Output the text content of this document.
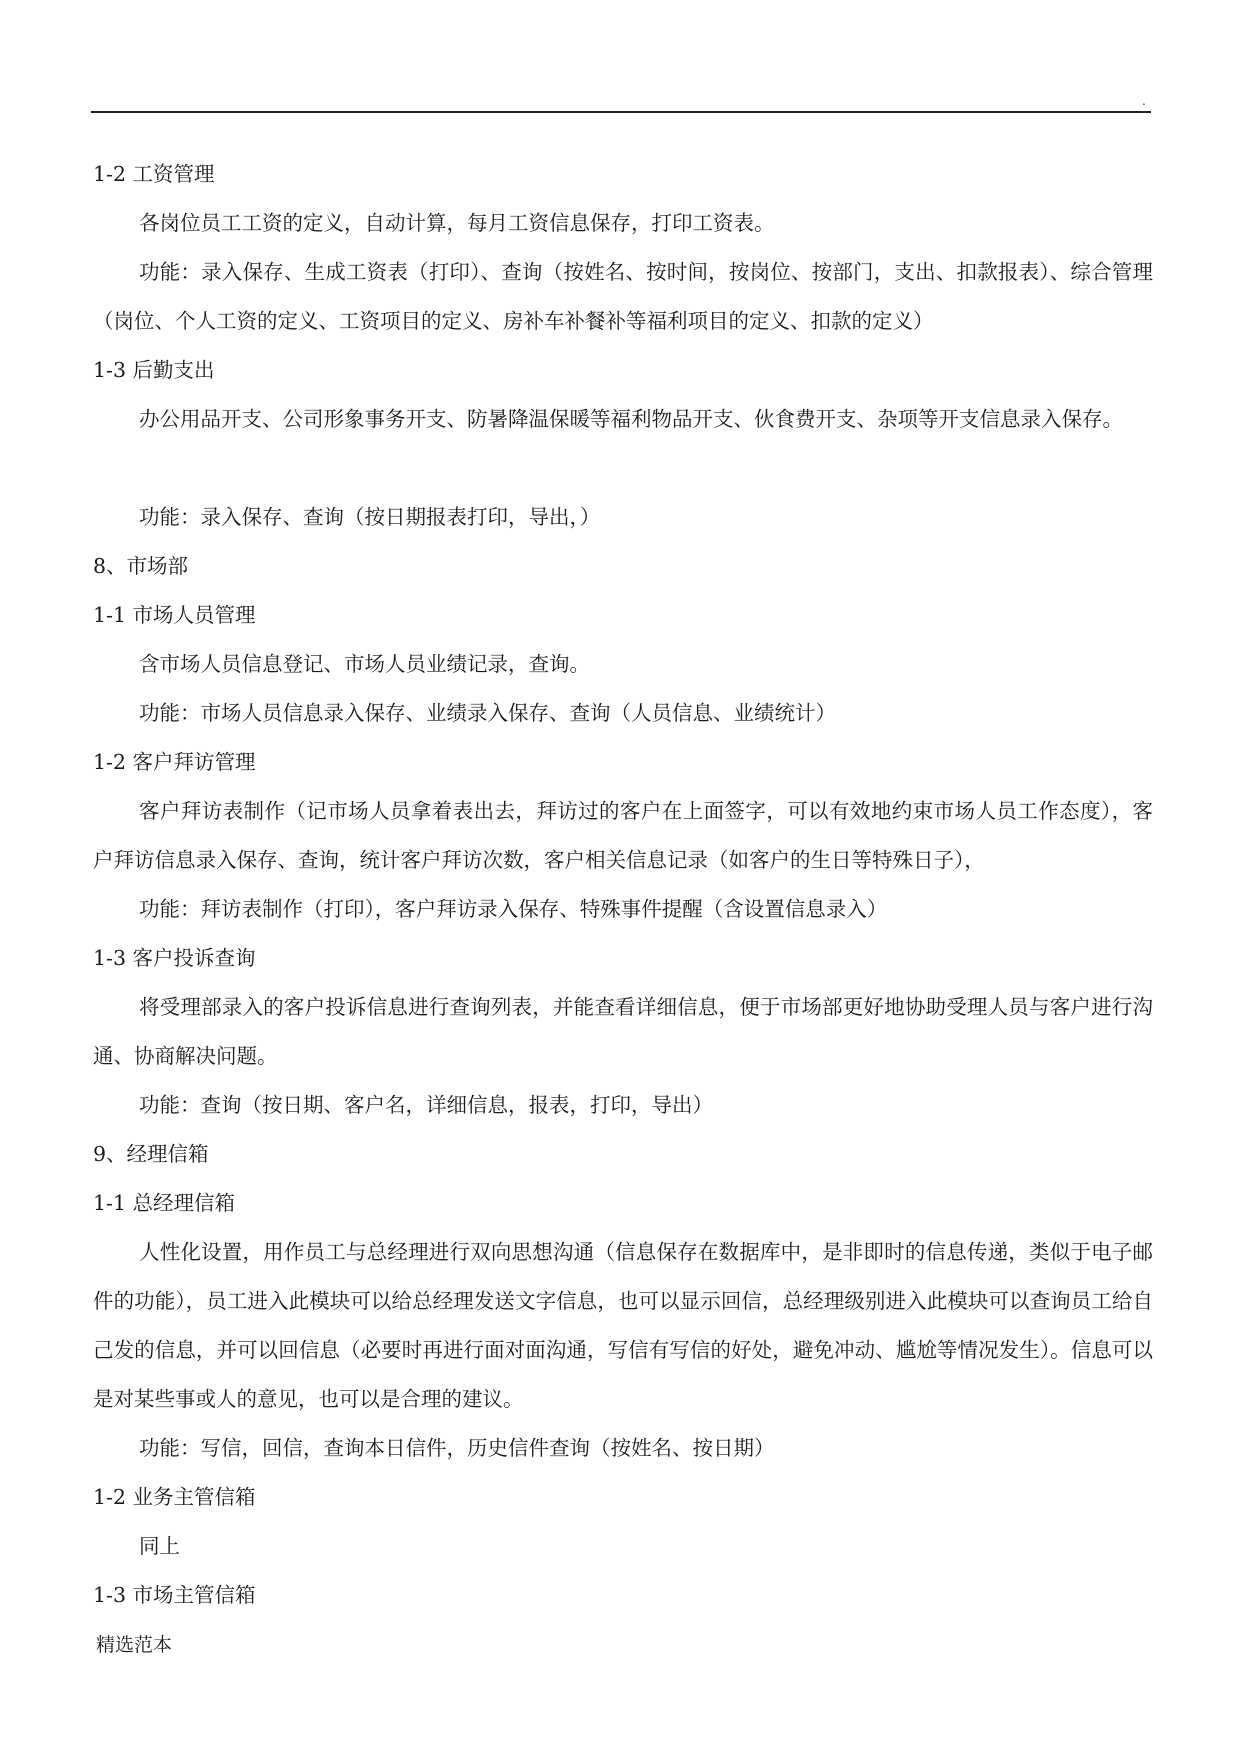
.

1-2 工资管理

各岗位员工工资的定义，自动计算，每月工资信息保存，打印工资表。

功能：录入保存、生成工资表（打印）、查询（按姓名、按时间，按岗位、按部门，支出、扣款报表）、综合管理（岗位、个人工资的定义、工资项目的定义、房补车补餐补等福利项目的定义、扣款的定义）

1-3 后勤支出

办公用品开支、公司形象事务开支、防暑降温保暖等福利物品开支、伙食费开支、杂项等开支信息录入保存。

功能：录入保存、查询（按日期报表打印，导出，）

8、市场部

1-1 市场人员管理

含市场人员信息登记、市场人员业绩记录，查询。

功能：市场人员信息录入保存、业绩录入保存、查询（人员信息、业绩统计）

1-2 客户拜访管理

客户拜访表制作（记市场人员拿着表出去，拜访过的客户在上面签字，可以有效地约束市场人员工作态度），客户拜访信息录入保存、查询，统计客户拜访次数，客户相关信息记录（如客户的生日等特殊日子），

功能：拜访表制作（打印），客户拜访录入保存、特殊事件提醒（含设置信息录入）

1-3 客户投诉查询

将受理部录入的客户投诉信息进行查询列表，并能查看详细信息，便于市场部更好地协助受理人员与客户进行沟通、协商解决问题。

功能：查询（按日期、客户名，详细信息，报表，打印，导出）

9、经理信箱

1-1 总经理信箱

人性化设置，用作员工与总经理进行双向思想沟通（信息保存在数据库中，是非即时的信息传递，类似于电子邮件的功能），员工进入此模块可以给总经理发送文字信息，也可以显示回信，总经理级别进入此模块可以查询员工给自己发的信息，并可以回信息（必要时再进行面对面沟通，写信有写信的好处，避免冲动、尴尬等情况发生）。信息可以是对某些事或人的意见，也可以是合理的建议。

功能：写信，回信，查询本日信件，历史信件查询（按姓名、按日期）

1-2 业务主管信箱

同上

1-3 市场主管信箱

精选范本
